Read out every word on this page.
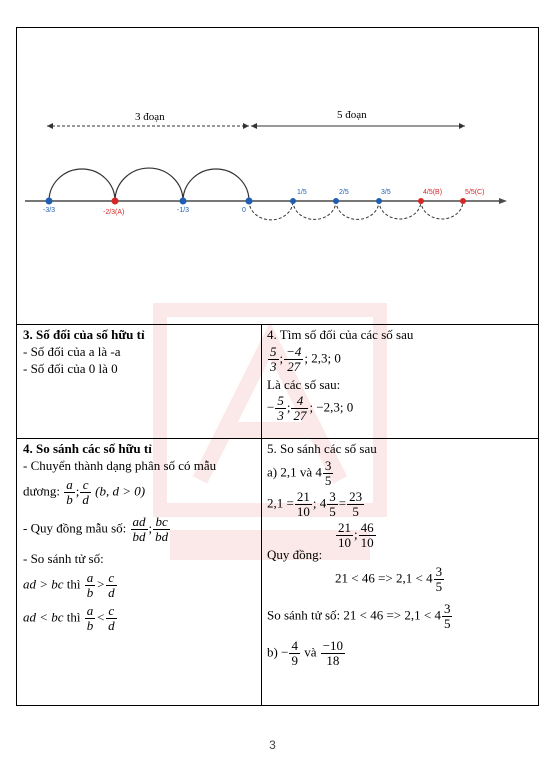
3 đoạn	5 đoạn
-3/3	-2/3(A)	-1/3	0
1/5	2/5	3/5	4/5(B)	5/5(C)
3. Số đối của số hữu tỉ
- Số đối của a là -a
- Số đối của 0 là 0
4. Tìm số đối của các số sau
$\frac{5}{3}$ ; $\frac{-4}{27}$ ; 2,3; 0
Là các số sau:
− $\frac{5}{3}$ ; $\frac{4}{27}$ ; −2,3; 0
4. So sánh các số hữu tỉ
- Chuyển thành dạng phân số có mẫu
dương: $\frac{a}{b}$ ; $\frac{c}{d} (b$, d > 0)
- Quy đồng mẫu số: $\frac{ad}{bd}$ ; $\frac{bc}{bd}$
- So sánh tử số:
ad > bc thì $\frac{a}{b} > \frac{c}{d}$
ad < bc thì $\frac{a}{b} < \frac{c}{d}$
5. So sánh các số sau
a) 2,1 và $4 \frac{3}{5}$
$2,1 = \frac{21}{10}$ ; $4 \frac{3}{5} = \frac{23}{5}$
$\frac{21}{10}$ ; $\frac{46}{10}$
Quy đồng:
$21 < 46 => 2,1 < 4 \frac{3}{5}$
So sánh tử số: $21 < 46 => 2,1 < 4 \frac{3}{5}$
$b) - \frac{4}{9}$ và $\frac{-10}{18}$
3
